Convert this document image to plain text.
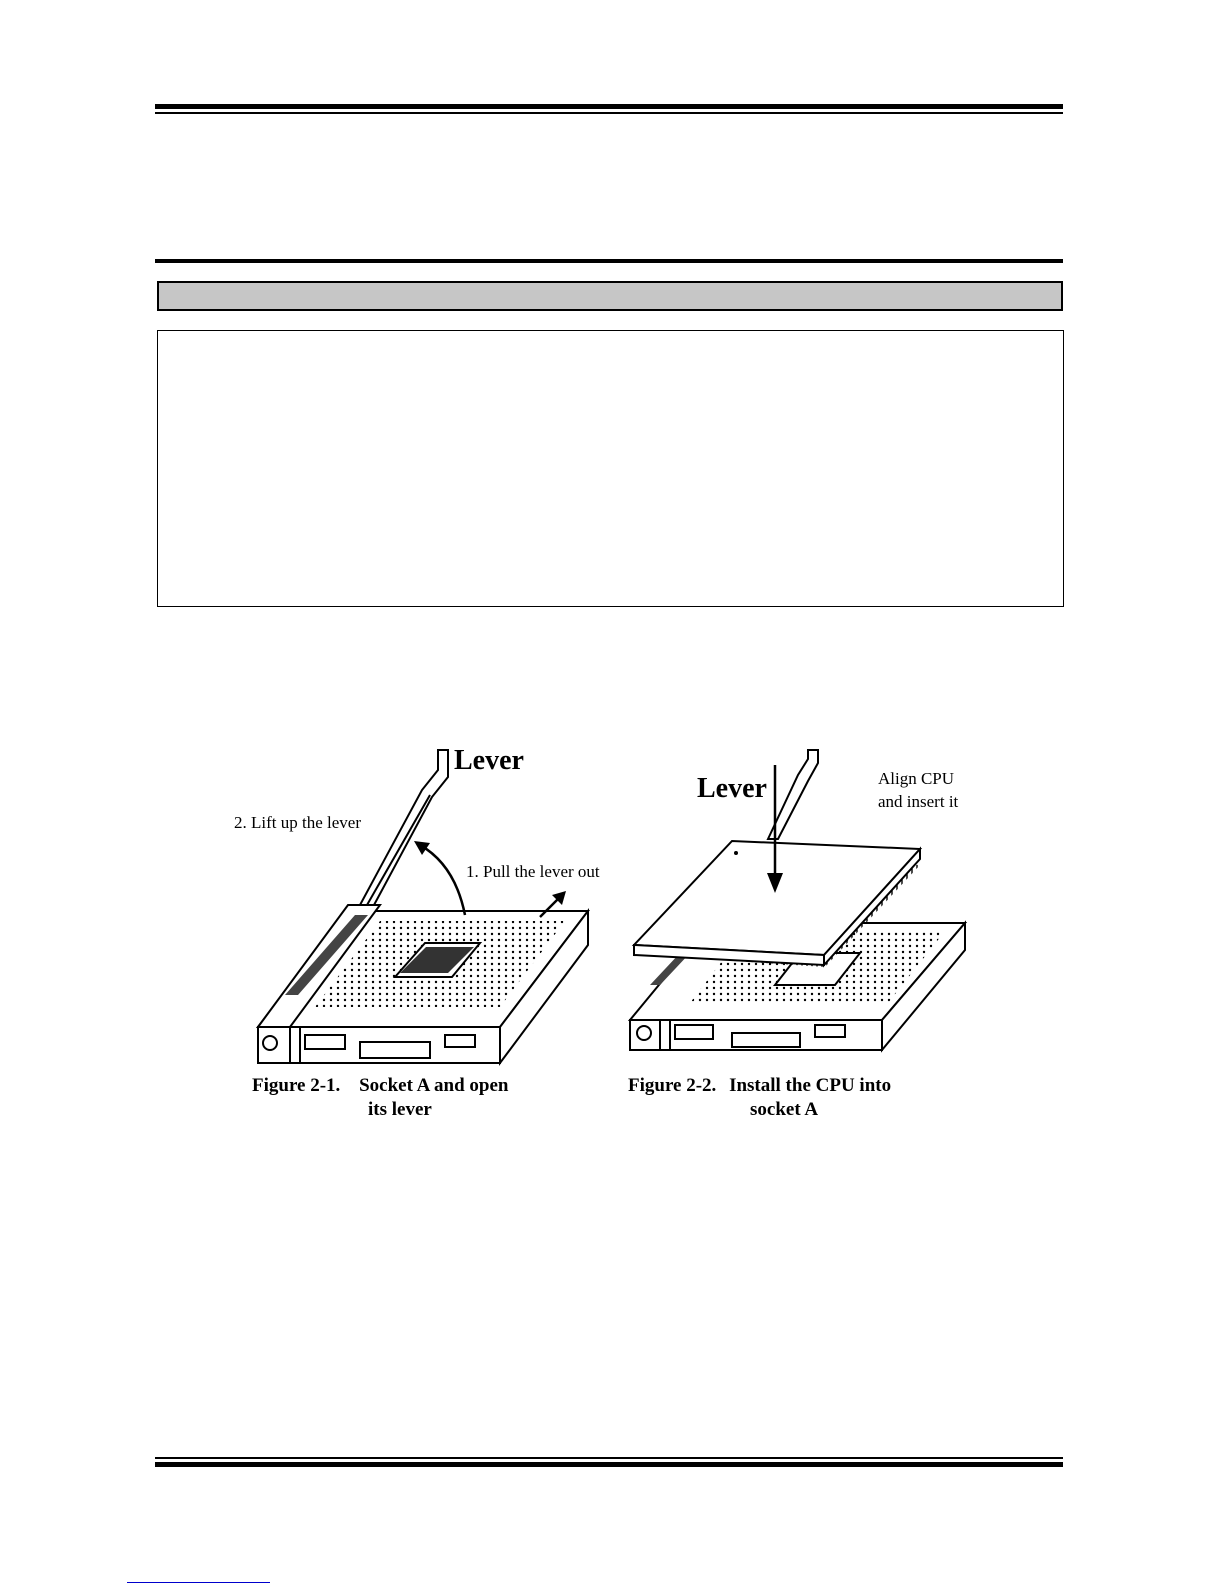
Lever
2. Lift up the lever
1. Pull the lever out
Figure 2-1. Socket A and open
its lever
Lever	Align CPU
and insert it
Figure 2-2. Install the CPU into
socket A
